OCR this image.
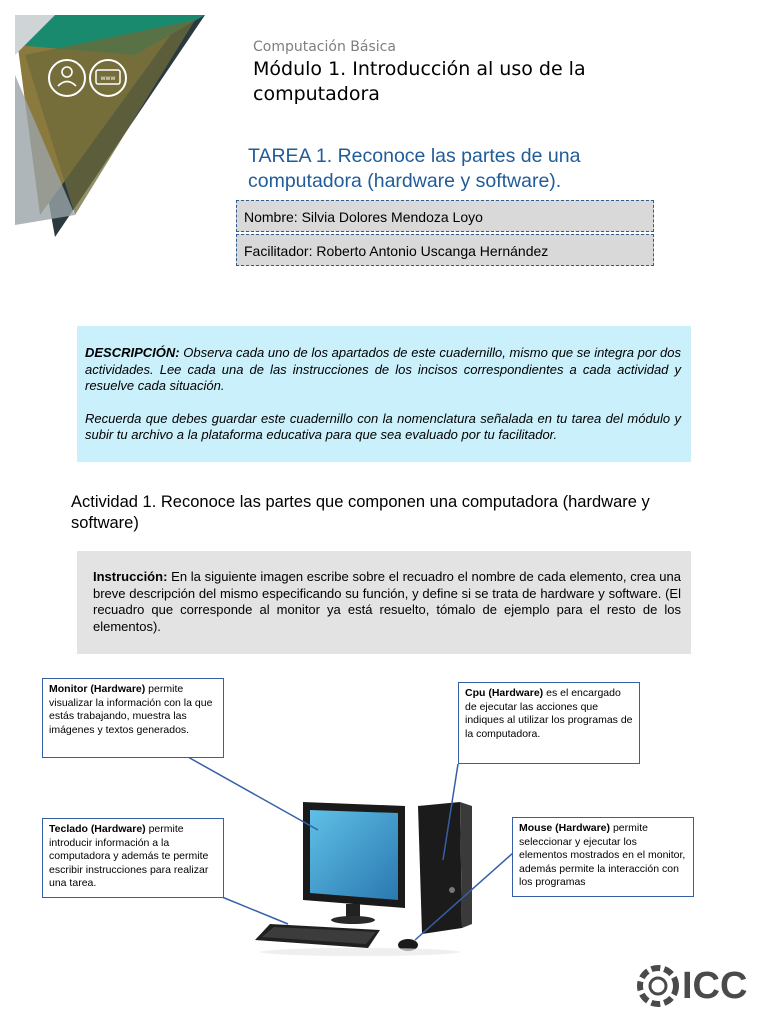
www
Computación Básica
Módulo 1. Introducción al uso de la computadora
TAREA 1. Reconoce las partes de una computadora (hardware y software).
Nombre: Silvia Dolores Mendoza Loyo
Facilitador: Roberto Antonio Uscanga Hernández

DESCRIPCIÓN: Observa cada uno de los apartados de este cuadernillo, mismo que se integra por dos actividades. Lee cada una de las instrucciones de los incisos correspondientes a cada actividad y resuelve cada situación.

Recuerda que debes guardar este cuadernillo con la nomenclatura señalada en tu tarea del módulo y subir tu archivo a la plataforma educativa para que sea evaluado por tu facilitador.

Actividad 1. Reconoce las partes que componen una computadora (hardware y software)
Instrucción: En la siguiente imagen escribe sobre el recuadro el nombre de cada elemento, crea una breve descripción del mismo especificando su función, y define si se trata de hardware y software. (El recuadro que corresponde al monitor ya está resuelto, tómalo de ejemplo para el resto de los elementos).
Monitor (Hardware) permite visualizar la información con la que estás trabajando, muestra las imágenes y textos generados.
Cpu (Hardware) es el encargado de ejecutar las acciones que indiques al utilizar los programas de la computadora.
Teclado (Hardware) permite introducir información a la computadora y además te permite escribir instrucciones para realizar una tarea.
Mouse (Hardware) permite seleccionar y ejecutar los elementos mostrados en el monitor, además permite la interacción con los programas
ICC
